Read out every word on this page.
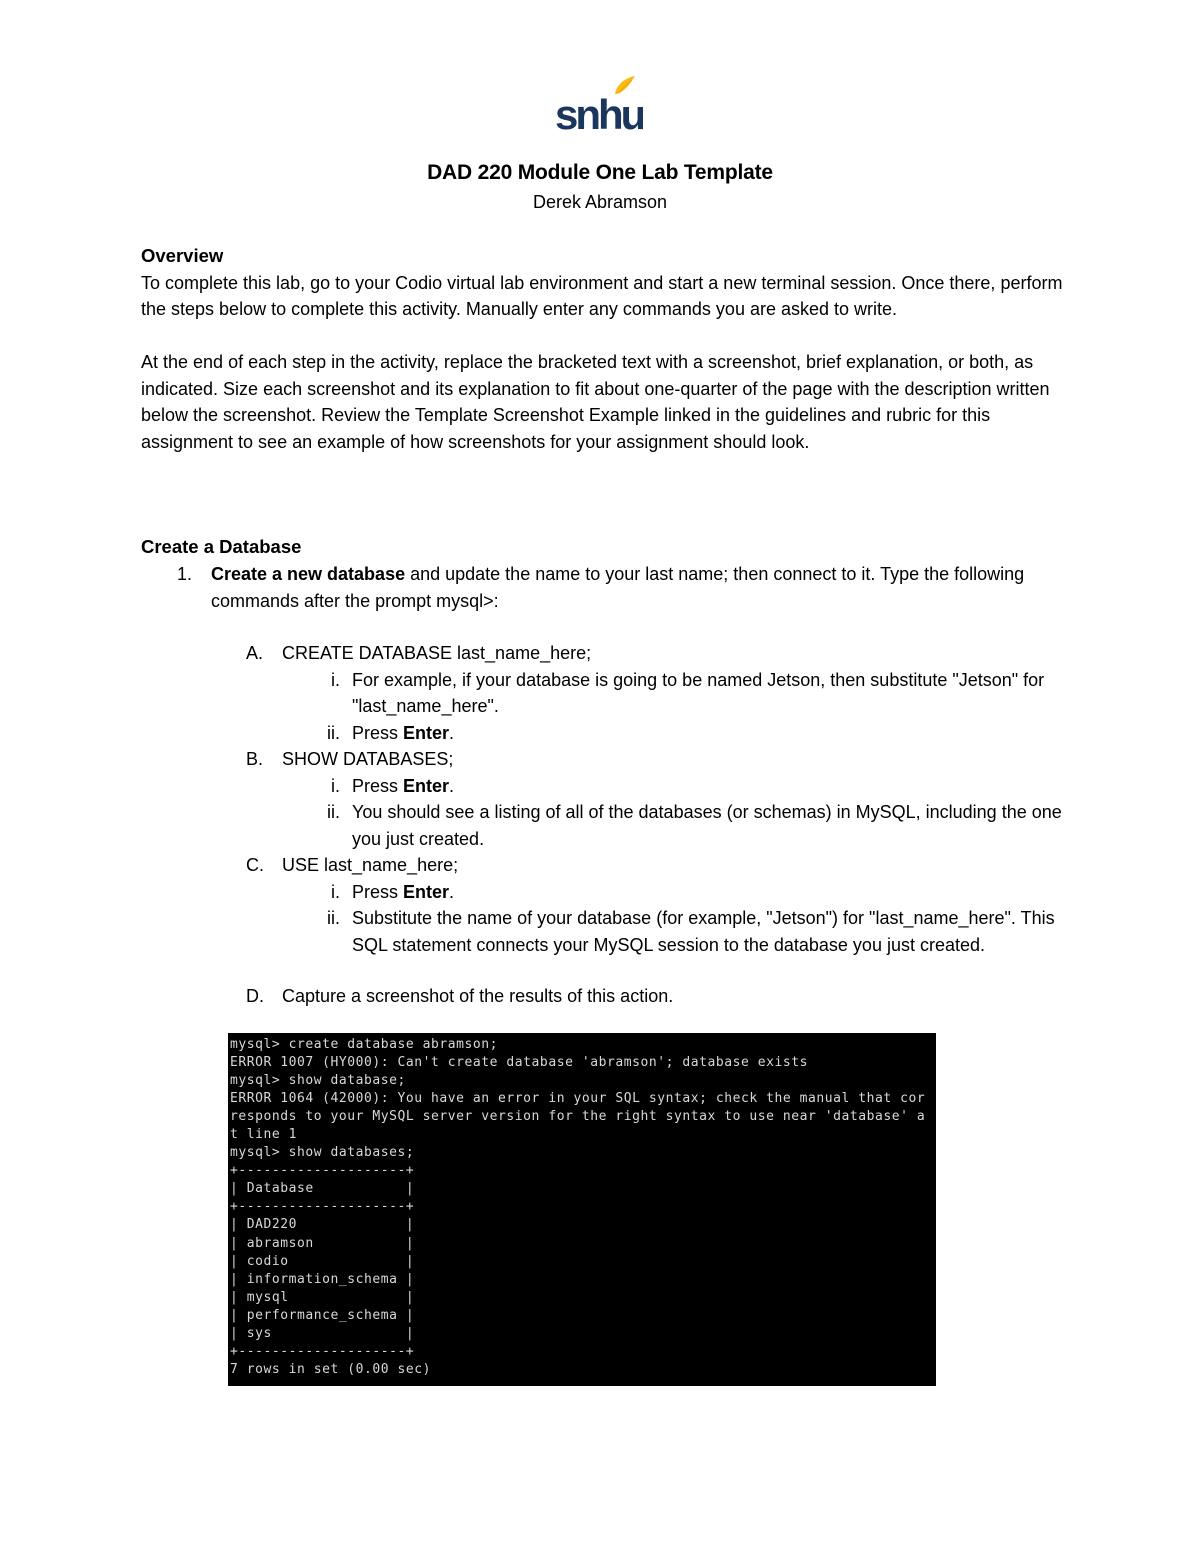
snhu
DAD 220 Module One Lab Template
Derek Abramson
Overview

To complete this lab, go to your Codio virtual lab environment and start a new terminal session. Once there, perform the steps below to complete this activity. Manually enter any commands you are asked to write.

At the end of each step in the activity, replace the bracketed text with a screenshot, brief explanation, or both, as indicated. Size each screenshot and its explanation to fit about one-quarter of the page with the description written below the screenshot. Review the Template Screenshot Example linked in the guidelines and rubric for this assignment to see an example of how screenshots for your assignment should look.

Create a Database
1.	Create a new database and update the name to your last name; then connect to it. Type the following commands after the prompt mysql>:
A.	CREATE DATABASE last_name_here;
i. For example, if your database is going to be named Jetson, then substitute "Jetson" for "last_name_here".
ii. Press Enter.
B.	SHOW DATABASES;
i. Press Enter.
ii. You should see a listing of all of the databases (or schemas) in MySQL, including the one you just created.
C.	USE last_name_here;
i. Press Enter.
ii. Substitute the name of your database (for example, "Jetson") for "last_name_here". This SQL statement connects your MySQL session to the database you just created.
D.	Capture a screenshot of the results of this action.
mysql> create database abramson;
ERROR 1007 (HY000): Can't create database 'abramson'; database exists
mysql> show database;
ERROR 1064 (42000): You have an error in your SQL syntax; check the manual that cor
responds to your MySQL server version for the right syntax to use near 'database' a
t line 1
mysql> show databases;
+--------------------+
| Database           |
+--------------------+
| DAD220             |
| abramson           |
| codio              |
| information_schema |
| mysql              |
| performance_schema |
| sys                |
+--------------------+
7 rows in set (0.00 sec)
